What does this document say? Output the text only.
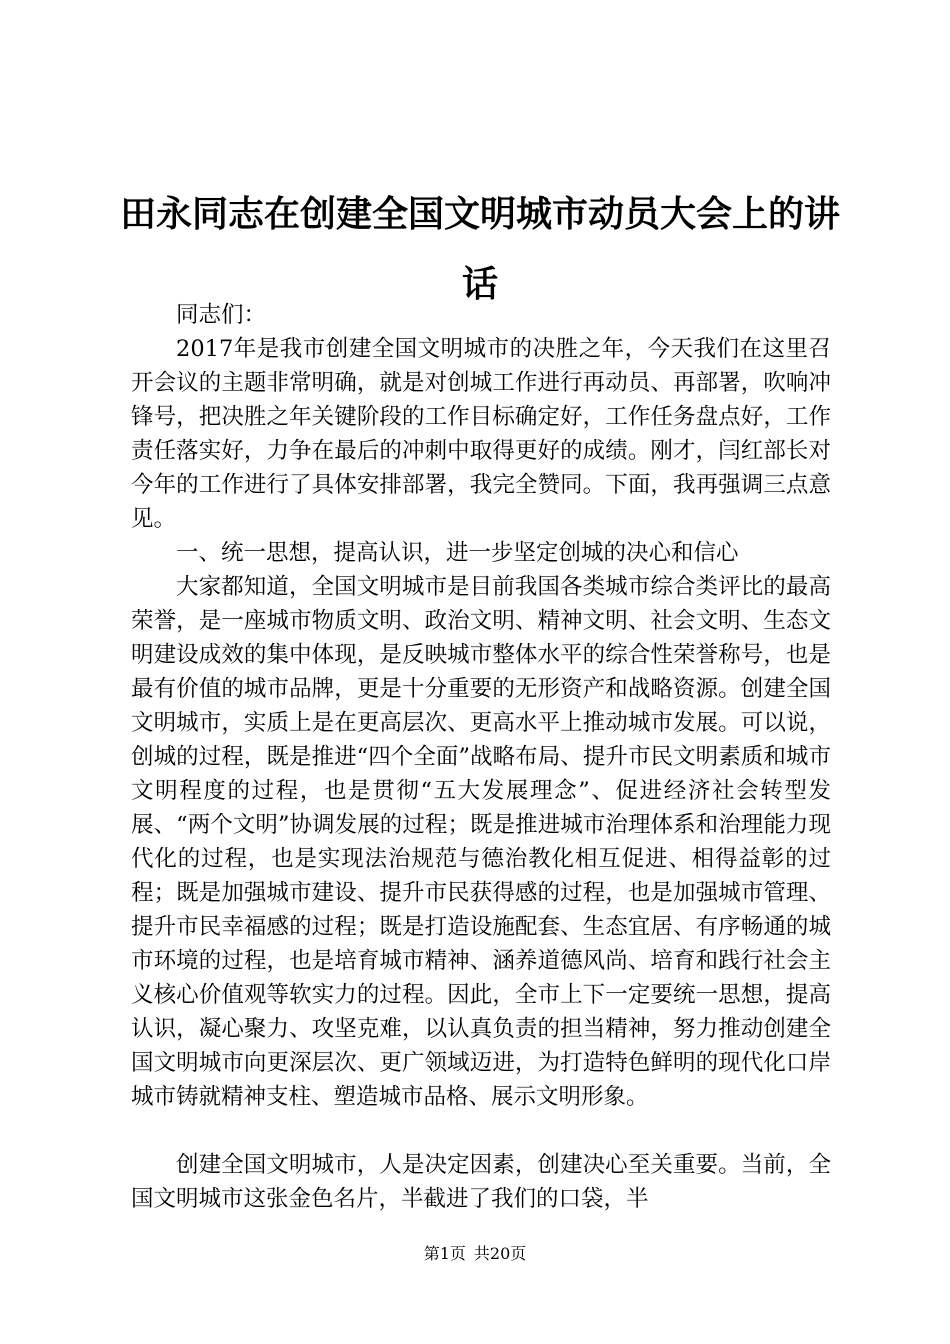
田永同志在创建全国文明城市动员大会上的讲话

同志们：

2017年是我市创建全国文明城市的决胜之年，今天我们在这里召开会议的主题非常明确，就是对创城工作进行再动员、再部署，吹响冲锋号，把决胜之年关键阶段的工作目标确定好，工作任务盘点好，工作责任落实好，力争在最后的冲刺中取得更好的成绩。刚才，闫红部长对今年的工作进行了具体安排部署，我完全赞同。下面，我再强调三点意见。

一、统一思想，提高认识，进一步坚定创城的决心和信心

大家都知道，全国文明城市是目前我国各类城市综合类评比的最高荣誉，是一座城市物质文明、政治文明、精神文明、社会文明、生态文明建设成效的集中体现，是反映城市整体水平的综合性荣誉称号，也是最有价值的城市品牌，更是十分重要的无形资产和战略资源。创建全国文明城市，实质上是在更高层次、更高水平上推动城市发展。可以说，创城的过程，既是推进“四个全面”战略布局、提升市民文明素质和城市文明程度的过程，也是贯彻“五大发展理念”、促进经济社会转型发展、“两个文明”协调发展的过程；既是推进城市治理体系和治理能力现代化的过程，也是实现法治规范与德治教化相互促进、相得益彰的过程；既是加强城市建设、提升市民获得感的过程，也是加强城市管理、提升市民幸福感的过程；既是打造设施配套、生态宜居、有序畅通的城市环境的过程，也是培育城市精神、涵养道德风尚、培育和践行社会主义核心价值观等软实力的过程。因此，全市上下一定要统一思想，提高认识，凝心聚力、攻坚克难，以认真负责的担当精神，努力推动创建全国文明城市向更深层次、更广领域迈进，为打造特色鲜明的现代化口岸城市铸就精神支柱、塑造城市品格、展示文明形象。

创建全国文明城市，人是决定因素，创建决心至关重要。当前，全国文明城市这张金色名片，半截进了我们的口袋，半

第1页 共20页
